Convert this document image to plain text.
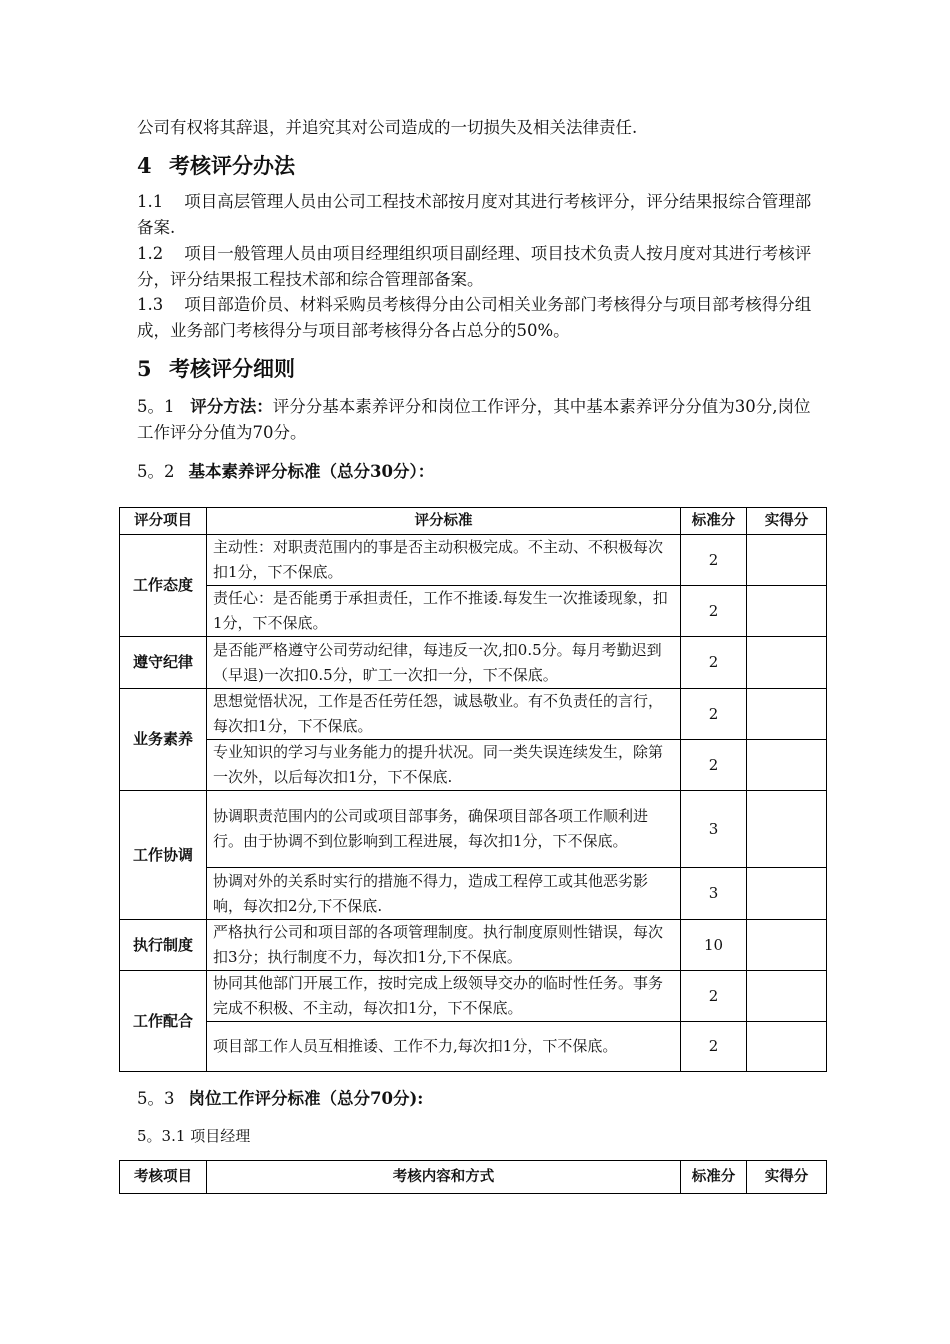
公司有权将其辞退，并追究其对公司造成的一切损失及相关法律责任.

4 考核评分办法

1.1 项目高层管理人员由公司工程技术部按月度对其进行考核评分，评分结果报综合管理部备案.

1.2 项目一般管理人员由项目经理组织项目副经理、项目技术负责人按月度对其进行考核评分，评分结果报工程技术部和综合管理部备案。

1.3 项目部造价员、材料采购员考核得分由公司相关业务部门考核得分与项目部考核得分组成，业务部门考核得分与项目部考核得分各占总分的50%。

5 考核评分细则

5。1 评分方法：评分分基本素养评分和岗位工作评分，其中基本素养评分分值为30分,岗位工作评分分值为70分。

5。2 基本素养评分标准（总分30分）：

评分项目	评分标准	标准分	实得分
工作态度	主动性：对职责范围内的事是否主动积极完成。不主动、不积极每次扣1分，下不保底。	2	
	责任心：是否能勇于承担责任，工作不推诿.每发生一次推诿现象，扣1分，下不保底。	2	
遵守纪律	是否能严格遵守公司劳动纪律，每违反一次,扣0.5分。每月考勤迟到（早退)一次扣0.5分，旷工一次扣一分，下不保底。	2	
业务素养	思想觉悟状况，工作是否任劳任怨，诚恳敬业。有不负责任的言行，每次扣1分，下不保底。	2	
	专业知识的学习与业务能力的提升状况。同一类失误连续发生，除第一次外，以后每次扣1分，下不保底.	2	
工作协调	协调职责范围内的公司或项目部事务，确保项目部各项工作顺利进行。由于协调不到位影响到工程进展，每次扣1分，下不保底。	3	
	协调对外的关系时实行的措施不得力，造成工程停工或其他恶劣影响，每次扣2分,下不保底.	3	
执行制度	严格执行公司和项目部的各项管理制度。执行制度原则性错误，每次扣3分；执行制度不力，每次扣1分,下不保底。	10	
工作配合	协同其他部门开展工作，按时完成上级领导交办的临时性任务。事务完成不积极、不主动，每次扣1分，下不保底。	2	
	项目部工作人员互相推诿、工作不力,每次扣1分，下不保底。	2	

5。3 岗位工作评分标准（总分70分):

5。3.1 项目经理

考核项目	考核内容和方式	标准分	实得分
